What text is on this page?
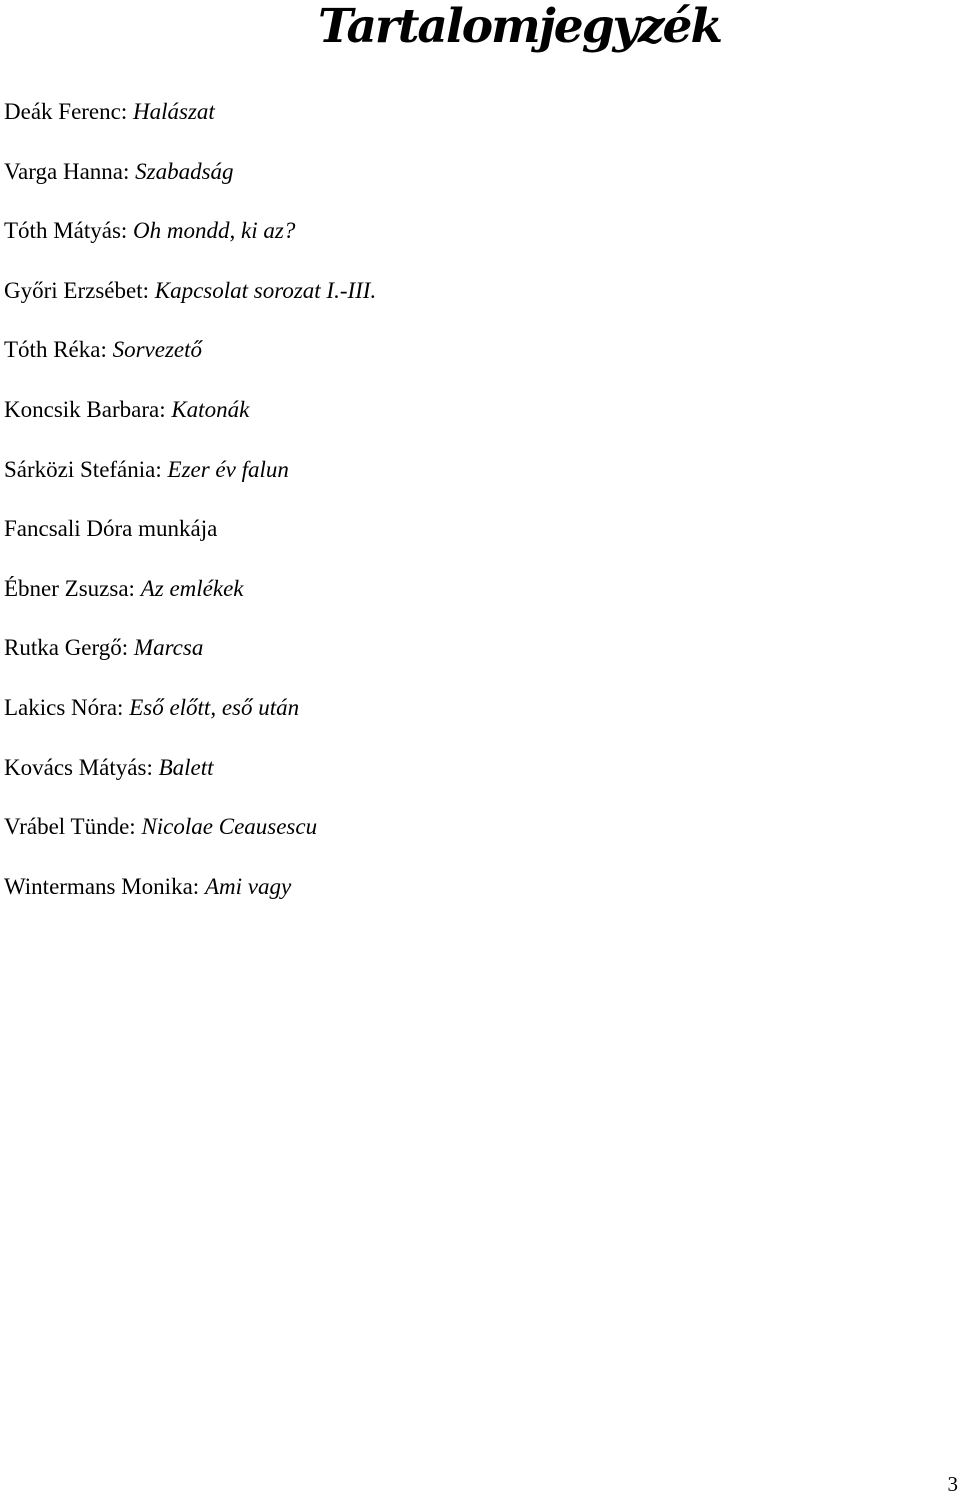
Tartalomjegyzék
Deák Ferenc: Halászat
Varga Hanna: Szabadság
Tóth Mátyás: Oh mondd, ki az?
Győri Erzsébet: Kapcsolat sorozat I.-III.
Tóth Réka: Sorvezető
Koncsik Barbara: Katonák
Sárközi Stefánia: Ezer év falun
Fancsali Dóra munkája
Ébner Zsuzsa: Az emlékek
Rutka Gergő: Marcsa
Lakics Nóra: Eső előtt, eső után
Kovács Mátyás: Balett
Vrábel Tünde: Nicolae Ceausescu
Wintermans Monika: Ami vagy
3
